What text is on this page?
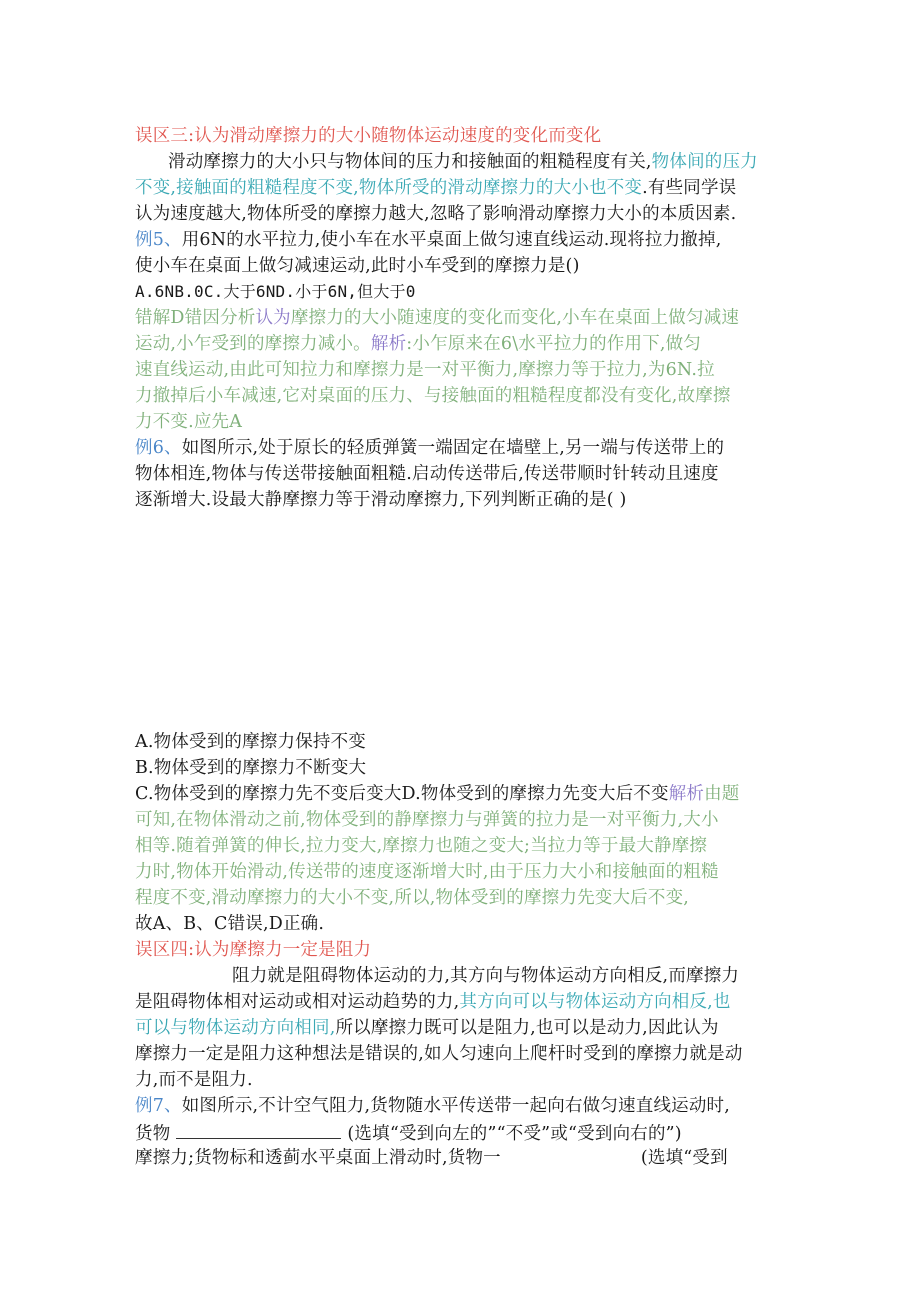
误区三:认为滑动摩擦力的大小随物体运动速度的变化而变化
滑动摩擦力的大小只与物体间的压力和接触面的粗糙程度有关,物体间的压力
不变,接触面的粗糙程度不变,物体所受的滑动摩擦力的大小也不变.有些同学误
认为速度越大,物体所受的摩擦力越大,忽略了影响滑动摩擦力大小的本质因素.
例5、用6N的水平拉力,使小车在水平桌面上做匀速直线运动.现将拉力撤掉,
使小车在桌面上做匀减速运动,此时小车受到的摩擦力是()
A.6NB.0C.大于6ND.小于6N,但大于0
错解D错因分析认为摩擦力的大小随速度的变化而变化,小车在桌面上做匀减速
运动,小乍受到的摩擦力减小。解析:小乍原来在6\水平拉力的作用下,做匀
速直线运动,由此可知拉力和摩擦力是一对平衡力,摩擦力等于拉力,为6N.拉
力撤掉后小车减速,它对桌面的压力、与接触面的粗糙程度都没有变化,故摩擦
力不变.应先A
例6、如图所示,处于原长的轻质弹簧一端固定在墙壁上,另一端与传送带上的
物体相连,物体与传送带接触面粗糙.启动传送带后,传送带顺时针转动且速度
逐渐增大.设最大静摩擦力等于滑动摩擦力,下列判断正确的是( )
A.物体受到的摩擦力保持不变
B.物体受到的摩擦力不断变大
C.物体受到的摩擦力先不变后变大D.物体受到的摩擦力先变大后不变解析由题
可知,在物体滑动之前,物体受到的静摩擦力与弹簧的拉力是一对平衡力,大小
相等.随着弹簧的伸长,拉力变大,摩擦力也随之变大;当拉力等于最大静摩擦
力时,物体开始滑动,传送带的速度逐渐增大时,由于压力大小和接触面的粗糙
程度不变,滑动摩擦力的大小不变,所以,物体受到的摩擦力先变大后不变,
故A、B、C错误,D正确.
误区四:认为摩擦力一定是阻力
阻力就是阻碍物体运动的力,其方向与物体运动方向相反,而摩擦力
是阻碍物体相对运动或相对运动趋势的力,其方向可以与物体运动方向相反,也
可以与物体运动方向相同,所以摩擦力既可以是阻力,也可以是动力,因此认为
摩擦力一定是阻力这种想法是错误的,如人匀速向上爬杆时受到的摩擦力就是动
力,而不是阻力.
例7、如图所示,不计空气阻力,货物随水平传送带一起向右做匀速直线运动时,
货物	(选填“受到向左的”“不受”或“受到向右的”)
摩擦力;货物标和透蓟水平桌面上滑动时,货物一	(选填“受到
